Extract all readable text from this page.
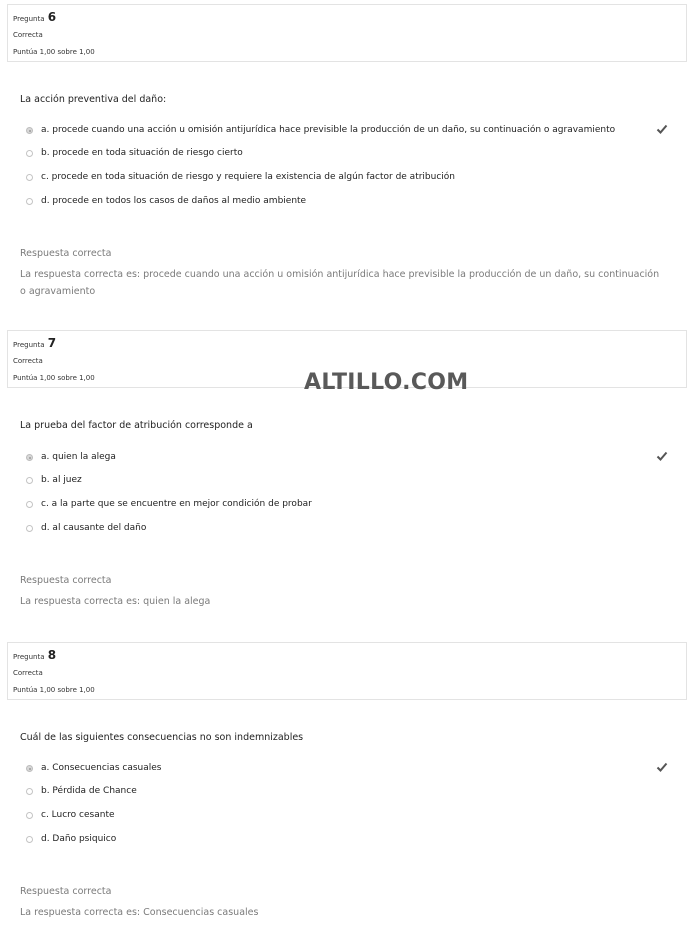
Pregunta 6
Correcta
Puntúa 1,00 sobre 1,00
La acción preventiva del daño:
a. procede cuando una acción u omisión antijurídica hace previsible la producción de un daño, su continuación o agravamiento
b. procede en toda situación de riesgo cierto
c. procede en toda situación de riesgo y requiere la existencia de algún factor de atribución
d. procede en todos los casos de daños al medio ambiente
Respuesta correcta
La respuesta correcta es: procede cuando una acción u omisión antijurídica hace previsible la producción de un daño, su continuación o agravamiento
Pregunta 7
Correcta
Puntúa 1,00 sobre 1,00
La prueba del factor de atribución corresponde a
a. quien la alega
b. al juez
c. a la parte que se encuentre en mejor condición de probar
d. al causante del daño
Respuesta correcta
La respuesta correcta es: quien la alega
Pregunta 8
Correcta
Puntúa 1,00 sobre 1,00
Cuál de las siguientes consecuencias no son indemnizables
a. Consecuencias casuales
b. Pérdida de Chance
c. Lucro cesante
d. Daño psiquico
Respuesta correcta
La respuesta correcta es: Consecuencias casuales
ALTILLO.COM
